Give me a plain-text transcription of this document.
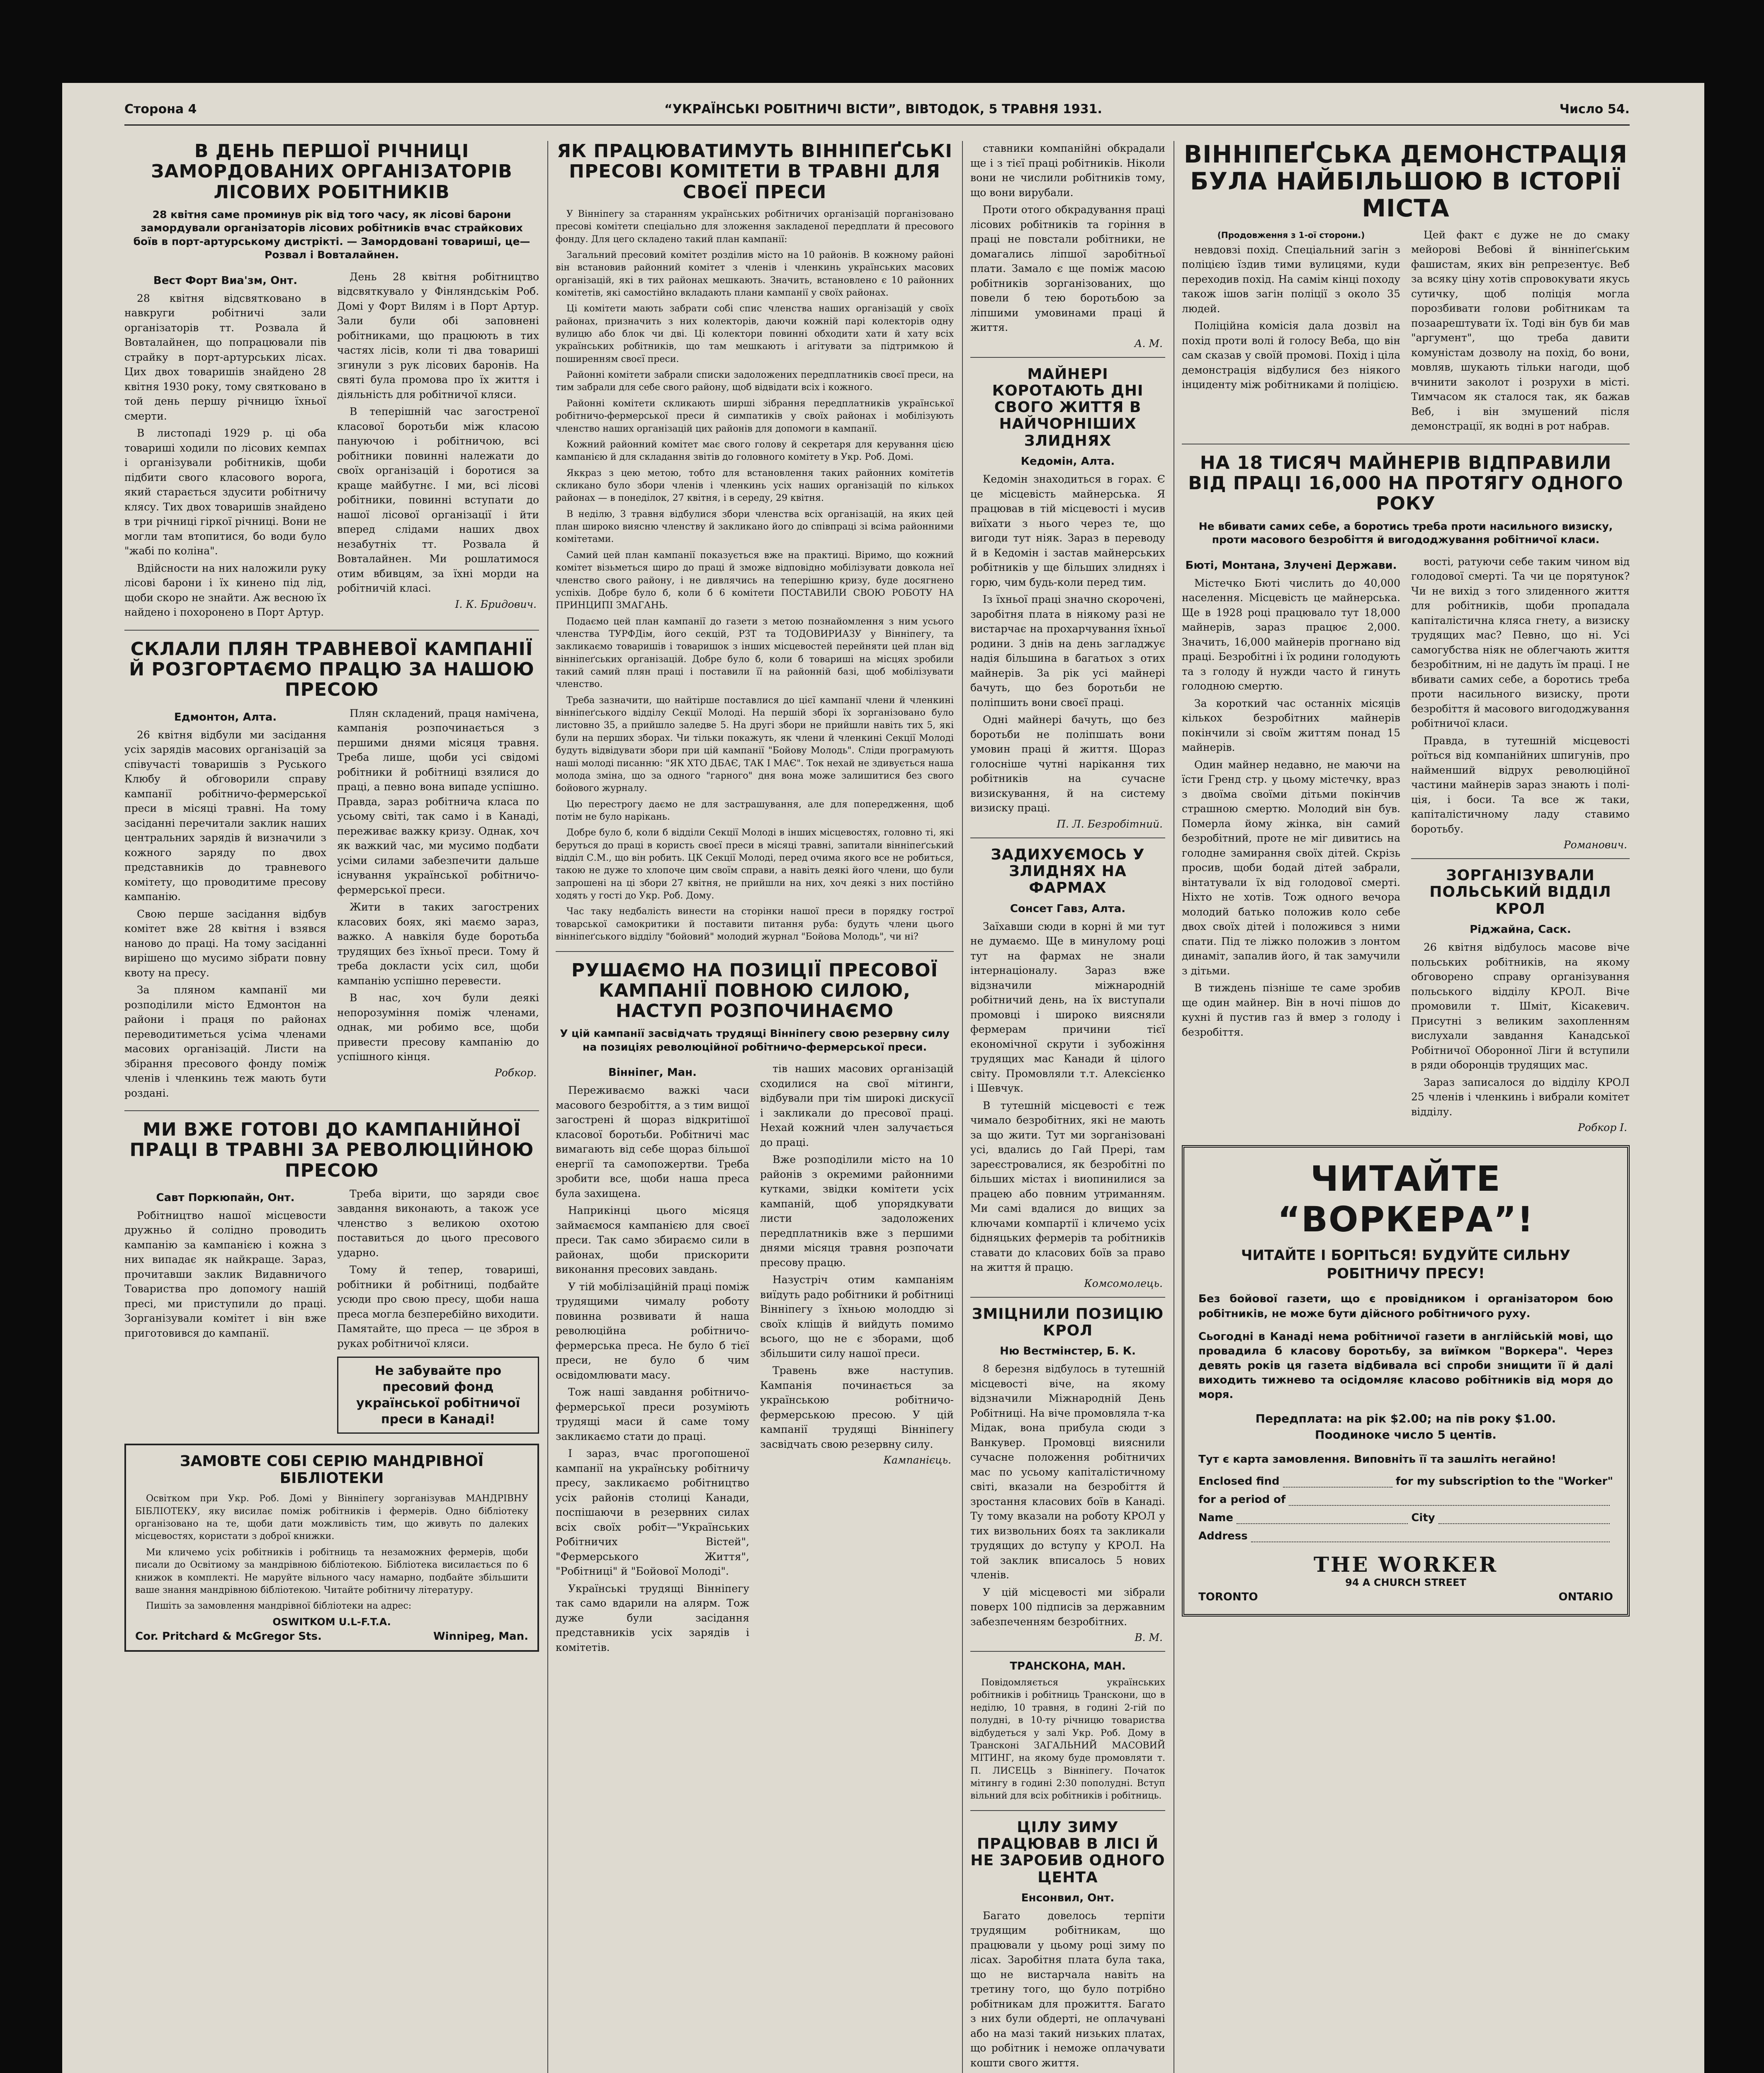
Сторона 4	“УКРАЇНСЬКІ РОБІТНИЧІ ВІСТИ”, ВІВТОДОК, 5 ТРАВНЯ 1931.	Число 54.
В ДЕНЬ ПЕРШОЇ РІЧНИЦІ ЗАМОРДОВАНИХ ОРГАНІЗАТОРІВ ЛІСОВИХ РОБІТНИКІВ
28 квітня саме проминув рік від того часу, як лісові барони замордували організаторів лісових робітників вчас страйкових боїв в порт-артурському дистрікті. — Замордовані товариші, це—Розвал і Вовталайнен.
Вест Форт Виа'зм, Онт.

28 квітня відсвятковано в навкруги робітничі зали організаторів тт. Розвала й Вовталайнен, що попрацювали пів страйку в порт-артурських лісах. Цих двох товаришів знайдено 28 квітня 1930 року, тому святковано в той день першу річницю їхньої смерти.

В листопаді 1929 р. ці оба товариші ходили по лісових кемпах і організували робітників, щоби підбити свого класового ворога, який старається здусити робітничу клясу. Тих двох товаришів знайдено в три річниці гіркої річниці. Вони не могли там втопитися, бо води було "жабі по коліна".

Вдійсности на них наложили руку лісові барони і їх кинено під лід, щоби скоро не знайти. Аж весною їх найдено і похоронено в Порт Артур.

День 28 квітня робітництво відсвяткувало у Фінляндськім Роб. Домі у Форт Вилям і в Порт Артур. Зали були обі заповнені робітниками, що працюють в тих частях лісів, коли ті два товариші згинули з рук лісових баронів. На святі була промова про їх життя і діяльність для робітничої кляси.

В теперішній час загостреної класової боротьби між класою пануючою і робітничою, всі робітники повинні належати до своїх організацій і боротися за краще майбутнє. І ми, всі лісові робітники, повинні вступати до нашої лісової організації і йти вперед слідами наших двох незабутніх тт. Розвала й Вовталайнен. Ми рошлатимося отим вбивцям, за їхні морди на робітничій класі.

І. К. Бридович.
СКЛАЛИ ПЛЯН ТРАВНЕВОЇ КАМПАНІЇ Й РОЗГОРТАЄМО ПРАЦЮ ЗА НАШОЮ ПРЕСОЮ
Едмонтон, Алта.

26 квітня відбули ми засідання усіх зарядів масових організацій за співучасті товаришів з Руського Клюбу й обговорили справу кампанії робітничо-фермерської преси в місяці травні. На тому засіданні перечитали заклик наших центральних зарядів й визначили з кожного заряду по двох представників до травневого комітету, що проводитиме пресову кампанію.

Свою перше засідання відбув комітет вже 28 квітня і взявся наново до праці. На тому засіданні вирішено що мусимо зібрати повну квоту на пресу.

За пляном кампанії ми розподілили місто Едмонтон на райони і праця по районах переводитиметься усіма членами масових організацій. Листи на збірання пресового фонду поміж членів і членкинь теж мають бути роздані.

Плян складений, праця намічена, кампанія розпочинається з першими днями місяця травня. Треба лише, щоби усі свідомі робітники й робітниці взялися до праці, а певно вона випаде успішно. Правда, зараз робітнича класа по усьому світі, так само і в Канаді, переживає важку кризу. Однак, хоч як важкий час, ми мусимо подбати усіми силами забезпечити дальше існування української робітничо-фермерської преси.

Жити в таких загострених класових боях, які маємо зараз, важко. А навкіля буде боротьба трудящих без їхньої преси. Тому й треба докласти усіх сил, щоби кампанію успішно перевести.

В нас, хоч були деякі непорозуміння поміж членами, однак, ми робимо все, щоби привести пресову кампанію до успішного кінця.

Робкор.
МИ ВЖЕ ГОТОВІ ДО КАМПАНІЙНОЇ ПРАЦІ В ТРАВНІ ЗА РЕВОЛЮЦІЙНОЮ ПРЕСОЮ
Савт Поркюпайн, Онт.

Робітництво нашої місцевости дружньо й солідно проводить кампанію за кампанією і кожна з них випадає як найкраще. Зараз, прочитавши заклик Видавничого Товариства про допомогу нашій пресі, ми приступили до праці. Зорганізували комітет і він вже приготовився до кампанії.

Треба вірити, що заряди своє завдання виконають, а також усе членство з великою охотою поставиться до цього пресового ударно.

Тому й тепер, товариші, робітники й робітниці, подбайте усюди про свою пресу, щоби наша преса могла безперебійно виходити. Памятайте, що преса — це зброя в руках робітничої кляси.

Не забувайте про пресовий фонд української робітничої преси в Канаді!
ЗАМОВТЕ СОБІ СЕРІЮ МАНДРІВНОЇ БІБЛІОТЕКИ

Освітком при Укр. Роб. Домі у Вінніпегу зорганізував МАНДРІВНУ БІБЛІОТЕКУ, яку висилає поміж робітників і фермерів. Одно бібліотеку організовано на те, щоби дати можливість тим, що живуть по далеких місцевостях, користати з доброї книжки.

Ми кличемо усіх робітників і робітниць та незаможних фермерів, щоби писали до Освітиому за мандрівною бібліотекою. Бібліотека висилається по 6 книжок в комплекті. Не маруйте вільного часу намарно, подбайте збільшити ваше знання мандрівною бібліотекою. Читайте робітничу літературу.

Пишіть за замовлення мандрівної бібліотеки на адрес:

OSWITKOM U.L-F.T.A.
Cor. Pritchard & McGregor Sts.	Winnipeg, Man.
ЯК ПРАЦЮВАТИМУТЬ ВІННІПЕҐСЬКІ ПРЕСОВІ КОМІТЕТИ В ТРАВНІ ДЛЯ СВОЄЇ ПРЕСИ

У Вінніпегу за старанням українських робітничих організацій порганізовано пресові комітети спеціально для зложення закладеної передплати й пресового фонду. Для цего складено такий план кампанії:

Загальний пресовий комітет розділив місто на 10 районів. В кожному районі він встановив районний комітет з членів і членкинь українських масових організацій, які в тих районах мешкають. Значить, встановлено є 10 районних комітетів, які самостійно вкладають плани кампанії у своїх районах.

Ці комітети мають забрати собі спис членства наших організацій у своїх районах, призначить з них колекторів, даючи кожній парі колекторів одну вулицю або блок чи дві. Ці колектори повинні обходити хати й хату всіх українських робітників, що там мешкають і агітувати за підтримкою й поширенням своєї преси.

Районні комітети забрали списки задоложених передплатників своєї преси, на тим забрали для себе свого району, щоб відвідати всіх і кожного.

Районні комітети скликають ширші зібрання передплатників української робітничо-фермерської преси й симпатиків у своїх районах і мобілізують членство наших організацій цих районів для допомоги в кампанії.

Кожний районний комітет має свого голову й секретаря для керування цією кампанією й для складання звітів до головного комітету в Укр. Роб. Домі.

Яккраз з цею метою, тобто для встановлення таких районних комітетів скликано було збори членів і членкинь усіх наших організацій по кількох районах — в понеділок, 27 квітня, і в середу, 29 квітня.

В неділю, 3 травня відбулися збори членства всіх організацій, на яких цей план широко виясню членству й закликано його до співпраці зі всіма районними комітетами.

Самий цей план кампанії показується вже на практиці. Віримо, що кожний комітет візьметься щиро до праці й зможе відповідно мобілізувати довкола неї членство свого району, і не дивлячись на теперішню кризу, буде досягнено успіхів. Добре було б, коли б 6 комітети ПОСТАВИЛИ СВОЮ РОБОТУ НА ПРИНЦИПІ ЗМАГАНЬ.

Подаємо цей план кампанії до газети з метою познайомлення з ним усього членства ТУРФДім, його секцій, РЗТ та ТОДОВИРИАЗУ у Вінніпегу, та закликаємо товаришів і товаришок з інших місцевостей перейняти цей план від вінніпеґських організацій. Добре було б, коли б товариші на місцях зробили такий самий плян праці і поставили її на районній базі, щоб мобілізувати членство.

Треба зазначити, що найтірше поставлися до цієї кампанії члени й членкині вінніпеґського відділу Секції Молоді. На першій зборі їх зорганізовано було листовно 35, а прийшло заледве 5. На другі збори не прийшли навіть тих 5, які були на перших зборах. Чи тільки покажуть, як члени й членкині Секції Молоді будуть відвідувати збори при цій кампанії "Бойову Молодь". Сліди програмують наші молоді писанню: "ЯК ХТО ДБАЄ, ТАК І МАЄ". Ток нехай не здивується наша молода зміна, що за одного "гарного" дня вона може залишитися без свого бойового журналу.

Цю перестрогу даємо не для застрашування, але для попередження, щоб потім не було нарікань.

Добре було б, коли б відділи Секції Молоді в інших місцевостях, головно ті, які беруться до праці в користь своєї преси в місяці травні, запитали вінніпеґський відділ С.М., що він робить. ЦК Секції Молоді, перед очима якого все не робиться, такою не дуже то хлопоче цим своїм справи, а навіть деякі його члени, що були запрошені на ці збори 27 квітня, не прийшли на них, хоч деякі з них постійно ходять у гості до Укр. Роб. Дому.

Час таку недбалість винести на сторінки нашої преси в порядку гострої товарської самокритики й поставити питання руба: будуть члени цього вінніпеґського відділу "бойовий" молодий журнал "Бойова Молодь", чи ні?

РУШАЄМО НА ПОЗИЦІЇ ПРЕСОВОЇ КАМПАНІЇ ПОВНОЮ СИЛОЮ, НАСТУП РОЗПОЧИНАЄМО
У цій кампанії засвідчать трудящі Вінніпегу свою резервну силу на позиціях революційної робітничо-фермерської преси.
Вінніпег, Ман.

Переживаємо важкі часи масового безробіття, а з тим вищої загострені й щораз відкритішої класової боротьби. Робітничі мас вимагають від себе щораз більшої енергії та самопожертви. Треба зробити все, щоби наша преса була захищена.

Наприкінці цього місяця займаємося кампанією для своєї преси. Так само збираємо сили в районах, щоби прискорити виконання пресових завдань.

У тій мобілізаційній праці поміж трудящими чималу роботу повинна розвивати й наша революційна робітничо-фермерська преса. Не було б тієї преси, не було б чим освідомлювати масу.

Тож наші завдання робітничо-фермерської преси розуміють трудящі маси й саме тому закликаємо стати до праці.

І зараз, вчас прогопошеної кампанії на українську робітничу пресу, закликаємо робітництво усіх районів столиці Канади, поспішаючи в резервних силах всіх своїх робіт—"Українських Робітничих Вістей", "Фермерського Життя", "Робітниці" й "Бойової Молоді".

Українські трудящі Вінніпегу так само вдарили на алярм. Тож дуже були засідання представників усіх зарядів і комітетів.

тів наших масових організацій сходилися на свої мітинги, відбували при тім широкі дискусії і закликали до пресової праці. Нехай кожний член залучається до праці.

Вже розподілили місто на 10 районів з окремими районними кутками, звідки комітети усіх кампаній, щоб упорядкувати листи задоложених передплатників вже з першими днями місяця травня розпочати пресову працю.

Назустріч отим кампаніям виїдуть радо робітники й робітниці Вінніпегу з їхньою молоддю зі своїх кліщів й вийдуть помимо всього, що не є зборами, щоб збільшити силу нашої преси.

Травень вже наступив. Кампанія починається за українською робітничо-фермерською пресою. У цій кампанії трудящі Вінніпегу засвідчать свою резервну силу.

Кампанієць.

ставники компанійні обкрадали ще і з тієї праці робітників. Ніколи вони не числили робітників тому, що вони вирубали.

Проти отого обкрадування праці лісових робітників та горіння в праці не повстали робітники, не домагались ліпшої заробітньої плати. Замало є ще поміж масою робітників зорганізованих, що повели б тею боротьбою за ліпшими умовинами праці й життя.

А. М.
МАЙНЕРІ КОРОТАЮТЬ ДНІ СВОГО ЖИТТЯ В НАЙЧОРНІШИХ ЗЛИДНЯХ
Кедомін, Алта.

Кедомін знаходиться в горах. Є це місцевість майнерська. Я працював в тій місцевості і мусив виїхати з нього через те, що вигоди тут ніяк. Зараз в переводу й в Кедомін і застав майнерських робітників у ще більших злиднях і горю, чим будь-коли перед тим.

Із їхньої праці значно скорочені, заробітня плата в ніякому разі не вистарчає на прохарчування їхньої родини. З днів на день загладжує надія більшина в багатьох з отих майнерів. За рік усі майнері бачуть, що без боротьби не поліпшить вони своєї праці.

Одні майнері бачуть, що без боротьби не поліпшать вони умовин праці й життя. Щораз голосніше чутні нарікання тих робітників на сучасне визискування, й на систему визиску праці.

П. Л. Безробітний.
ЗАДИХУЄМОСЬ У ЗЛИДНЯХ НА ФАРМАХ
Сонсет Гавз, Алта.

Заїхавши сюди в корні й ми тут не думаємо. Ще в минулому році тут на фармах не знали інтернаціоналу. Зараз вже відзначили міжнародній робітничий день, на їх виступали промовці і широко виясняли фермерам причини тієї економічної скрути і зубожіння трудящих мас Канади й цілого світу. Промовляли т.т. Алексієнко і Шевчук.

В тутешній місцевості є теж чимало безробітних, які не мають за що жити. Тут ми зорганізовані усі, вдались до Гай Прері, там зареєстровалися, як безробітні по більших містах і виопинилися за працею або повним утриманням. Ми самі вдалися до вищих за ключами компартії і кличемо усіх бідняцьких фермерів та робітників ставати до класових боїв за право на життя й працю.

Комсомолець.
ЗМІЦНИЛИ ПОЗИЦІЮ КРОЛ
Ню Вестмінстер, Б. К.

8 березня відбулось в тутешній місцевості віче, на якому відзначили Міжнародній День Робітниці. На віче промовляла т-ка Мідак, вона прибула сюди з Ванкувер. Промовці вияснили сучасне положення робітничих мас по усьому капіталістичному світі, вказали на безробіття й зростання класових боїв в Канаді. Ту тому вказали на роботу КРОЛ у тих визвольних боях та закликали трудящих до вступу у КРОЛ. На той заклик вписалось 5 нових членів.

У цій місцевості ми зібрали поверх 100 підписів за державним забезпеченням безробітних.

В. М.
ТРАНСКОНА, МАН.

Повідомляється українських робітників і робітниць Транскони, що в неділю, 10 травня, в годині 2-гій по полудні, в 10-ту річницю товариства відбудеться у залі Укр. Роб. Дому в Трансконі ЗАГАЛЬНИЙ МАСОВИЙ МІТИНГ, на якому буде промовляти т. П. ЛИСЕЦЬ з Вінніпегу. Початок мітингу в годині 2:30 пополудні. Вступ вільний для всіх робітників і робітниць.

ЦІЛУ ЗИМУ ПРАЦЮВАВ В ЛІСІ Й НЕ ЗАРОБИВ ОДНОГО ЦЕНТА
Енсонвил, Онт.

Багато довелось терпіти трудящим робітникам, що працювали у цьому році зиму по лісах. Заробітня плата була така, що не вистарчала навіть на третину того, що було потрібно робітникам для прожиття. Багато з них були обдерті, не оплачувані або на мазі такий низьких платах, що робітник і неможе оплачувати кошти свого життя.

ВІННІПЕҐСЬКА ДЕМОНСТРАЦІЯ БУЛА НАЙБІЛЬШОЮ В ІСТОРІЇ МІСТА
(Продовження з 1-ої сторони.)

невдовзі похід. Спеціальний загін з поліцією їздив тими вулицями, куди переходив похід. На самім кінці походу також ішов загін поліції з около 35 людей.

Поліційна комісія дала дозвіл на похід проти волі й голосу Веба, що він сам сказав у своїй промові. Похід і ціла демонстрація відбулися без ніякого інциденту між робітниками й поліцією.

Цей факт є дуже не до смаку мейорові Вебові й вінніпеґським фашистам, яких він репрезентує. Веб за всяку ціну хотів спровокувати якусь сутичку, щоб поліція могла порозбивати голови робітникам та позаарештувати їх. Тоді він був би мав "аргумент", що треба давити комуністам дозволу на похід, бо вони, мовляв, шукають тільки нагоди, щоб вчинити заколот і розрухи в місті. Тимчасом як сталося так, як бажав Веб, і він змушений після демонстрації, як водні в рот набрав.

НА 18 ТИСЯЧ МАЙНЕРІВ ВІДПРАВИЛИ ВІД ПРАЦІ 16,000 НА ПРОТЯГУ ОДНОГО РОКУ
Не вбивати самих себе, а боротись треба проти насильного визиску, проти масового безробіття й вигододжування робітничої класи.
Бюті, Монтана, Злучені Держави.

Містечко Бюті числить до 40,000 населення. Місцевість це майнерська. Ще в 1928 році працювало тут 18,000 майнерів, зараз працює 2,000. Значить, 16,000 майнерів прогнано від праці. Безробітні і їх родини голодують та з голоду й нужди часто й гинуть голодною смертю.

За короткий час останніх місяців кількох безробітних майнерів покінчили зі своїм життям понад 15 майнерів.

Один майнер недавно, не маючи на їсти Гренд стр. у цьому містечку, враз з двоїма своїми дітьми покінчив страшною смертю. Молодий він був. Померла йому жінка, він самий безробітний, проте не міг дивитись на голодне замирання своїх дітей. Скрізь просив, щоби бодай дітей забрали, вінтатували їх від голодової смерті. Ніхто не хотів. Тож одного вечора молодий батько положив коло себе двох своїх дітей і положився з ними спати. Під те ліжко положив з лонтом динаміт, запалив його, й так замучили з дітьми.

В тиждень пізніше те саме зробив ще один майнер. Він в ночі пішов до кухні й пустив газ й вмер з голоду і безробіття.

вості, ратуючи себе таким чином від голодової смерті. Та чи це порятунок? Чи не вихід з того злиденного життя для робітників, щоби пропадала капіталістична кляса гнету, а визиску трудящих мас? Певно, що ні. Усі самогубства ніяк не облегчають життя безробітним, ні не дадуть їм праці. І не вбивати самих себе, а боротись треба проти насильного визиску, проти безробіття й масового вигододжування робітничої класи.

Правда, в тутешній місцевості роїться від компанійних шпигунів, про найменший відрух революційної частини майнерів зараз знають і поліція, і боси. Та все ж таки, капіталістичному ладу ставимо боротьбу.

Романович.
ЗОРГАНІЗУВАЛИ ПОЛЬСЬКИЙ ВІДДІЛ КРОЛ
Ріджайна, Саск.

26 квітня відбулось масове віче польських робітників, на якому обговорено справу організування польського відділу КРОЛ. Віче промовили т. Шміт, Кісакевич. Присутні з великим захопленням вислухали завдання Канадської Робітничої Оборонної Ліги й вступили в ряди оборонців трудящих мас.

Зараз записалося до відділу КРОЛ 25 членів і членкинь і вибрали комітет відділу.

Робкор І.
ЧИТАЙТЕ “ВОРКЕРА”!
ЧИТАЙТЕ І БОРІТЬСЯ! БУДУЙТЕ СИЛЬНУ РОБІТНИЧУ ПРЕСУ!

Без бойової газети, що є провідником і організатором бою робітників, не може бути дійсного робітничого руху.

Сьогодні в Канаді нема робітничої газети в англійській мові, що провадила б класову боротьбу, за виїмком "Воркера". Через девять років ця газета відбивала всі спроби знищити її й далі виходить тижнево та осідомляє класово робітників від моря до моря.

Передплата: на рік $2.00; на пів року $1.00.
Поодиноке число 5 центів.

Тут є карта замовлення. Виповніть її та зашліть негайно!

Enclosed find	for my subscription to the "Worker"
for a period of
Name	City
Address
THE WORKER
94 A CHURCH STREET
TORONTO	ONTARIO
